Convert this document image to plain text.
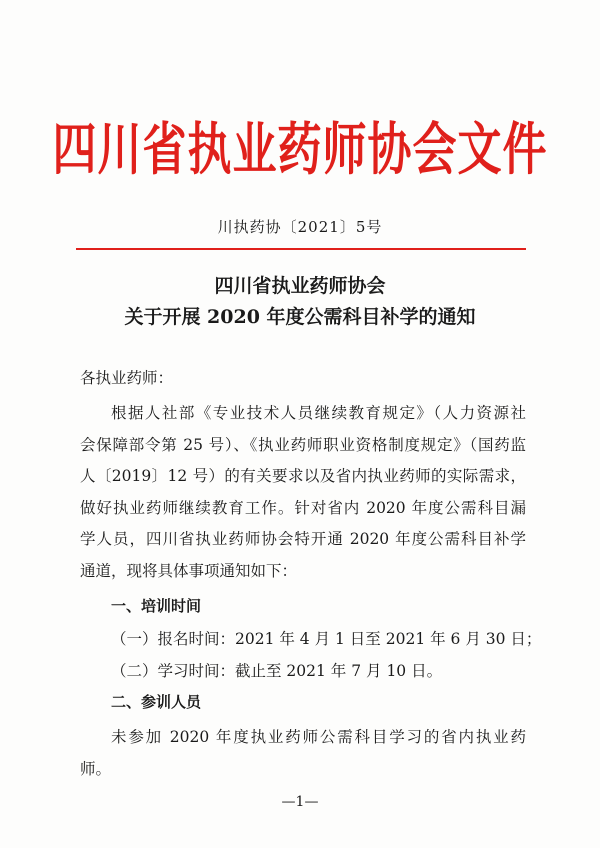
四川省执业药师协会文件
川执药协〔2021〕5号
四川省执业药师协会
关于开展 2020 年度公需科目补学的通知
各执业药师：
根据人社部《专业技术人员继续教育规定》（人力资源社
会保障部令第 25 号）、《执业药师职业资格制度规定》（国药监
人〔2019〕12 号）的有关要求以及省内执业药师的实际需求，
做好执业药师继续教育工作。针对省内 2020 年度公需科目漏
学人员，四川省执业药师协会特开通 2020 年度公需科目补学
通道，现将具体事项通知如下：
一、培训时间
（一）报名时间：2021 年 4 月 1 日至 2021 年 6 月 30 日；
（二）学习时间：截止至 2021 年 7 月 10 日。
二、参训人员
未参加 2020 年度执业药师公需科目学习的省内执业药
师。
—1—
